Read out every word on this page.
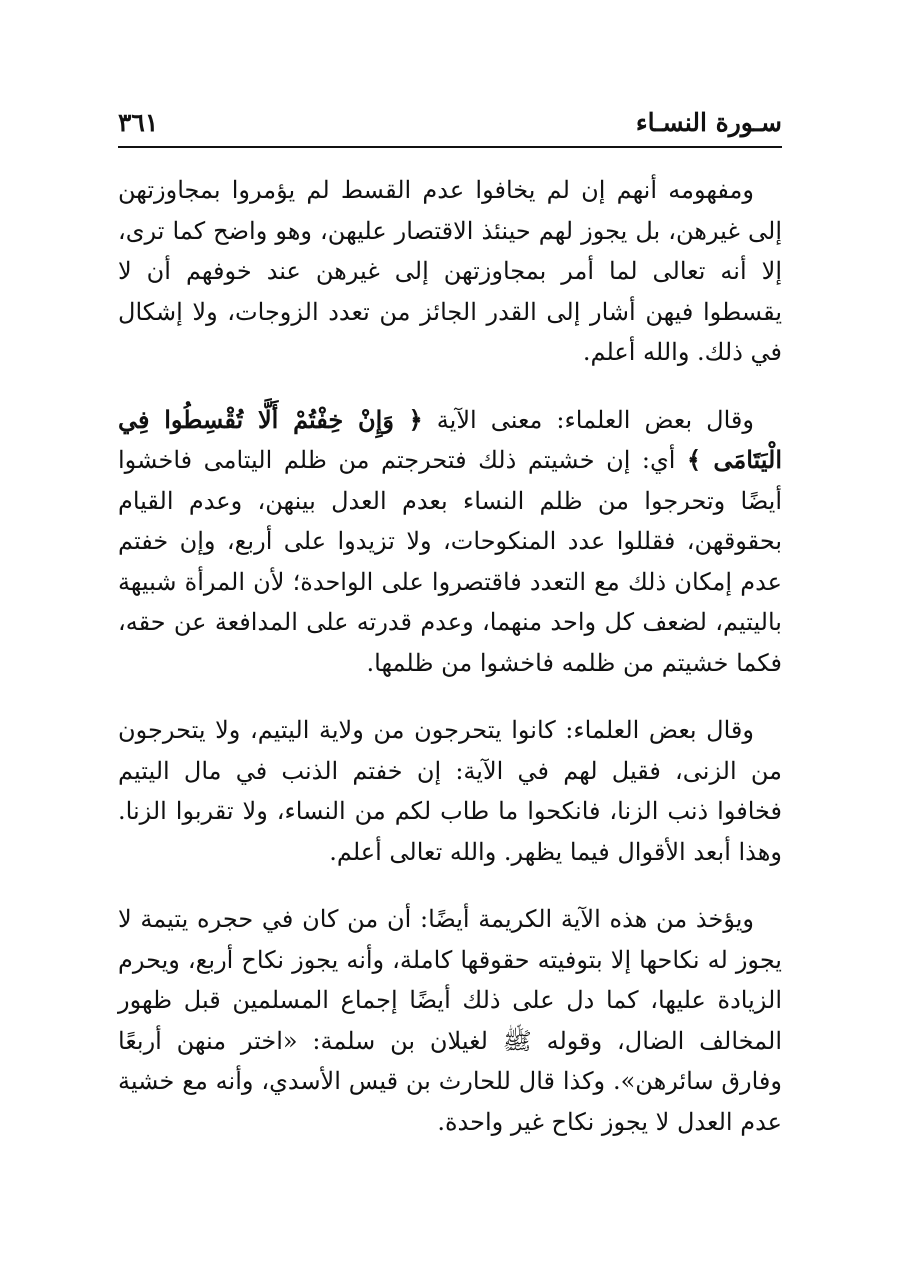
سـورة النسـاء
٣٦١

ومفهومه أنهم إن لم يخافوا عدم القسط لم يؤمروا بمجاوزتهن إلى غيرهن، بل يجوز لهم حينئذ الاقتصار عليهن، وهو واضح كما ترى، إلا أنه تعالى لما أمر بمجاوزتهن إلى غيرهن عند خوفهم أن لا يقسطوا فيهن أشار إلى القدر الجائز من تعدد الزوجات، ولا إشكال في ذلك. والله أعلم.

وقال بعض العلماء: معنى الآية ﴿ وَإِنْ خِفْتُمْ أَلَّا تُقْسِطُوا فِي الْيَتَامَى ﴾ أي: إن خشيتم ذلك فتحرجتم من ظلم اليتامى فاخشوا أيضًا وتحرجوا من ظلم النساء بعدم العدل بينهن، وعدم القيام بحقوقهن، فقللوا عدد المنكوحات، ولا تزيدوا على أربع، وإن خفتم عدم إمكان ذلك مع التعدد فاقتصروا على الواحدة؛ لأن المرأة شبيهة باليتيم، لضعف كل واحد منهما، وعدم قدرته على المدافعة عن حقه، فكما خشيتم من ظلمه فاخشوا من ظلمها.

وقال بعض العلماء: كانوا يتحرجون من ولاية اليتيم، ولا يتحرجون من الزنى، فقيل لهم في الآية: إن خفتم الذنب في مال اليتيم فخافوا ذنب الزنا، فانكحوا ما طاب لكم من النساء، ولا تقربوا الزنا. وهذا أبعد الأقوال فيما يظهر. والله تعالى أعلم.

ويؤخذ من هذه الآية الكريمة أيضًا: أن من كان في حجره يتيمة لا يجوز له نكاحها إلا بتوفيته حقوقها كاملة، وأنه يجوز نكاح أربع، ويحرم الزيادة عليها، كما دل على ذلك أيضًا إجماع المسلمين قبل ظهور المخالف الضال، وقوله ﷺ لغيلان بن سلمة: «اختر منهن أربعًا وفارق سائرهن». وكذا قال للحارث بن قيس الأسدي، وأنه مع خشية عدم العدل لا يجوز نكاح غير واحدة.
